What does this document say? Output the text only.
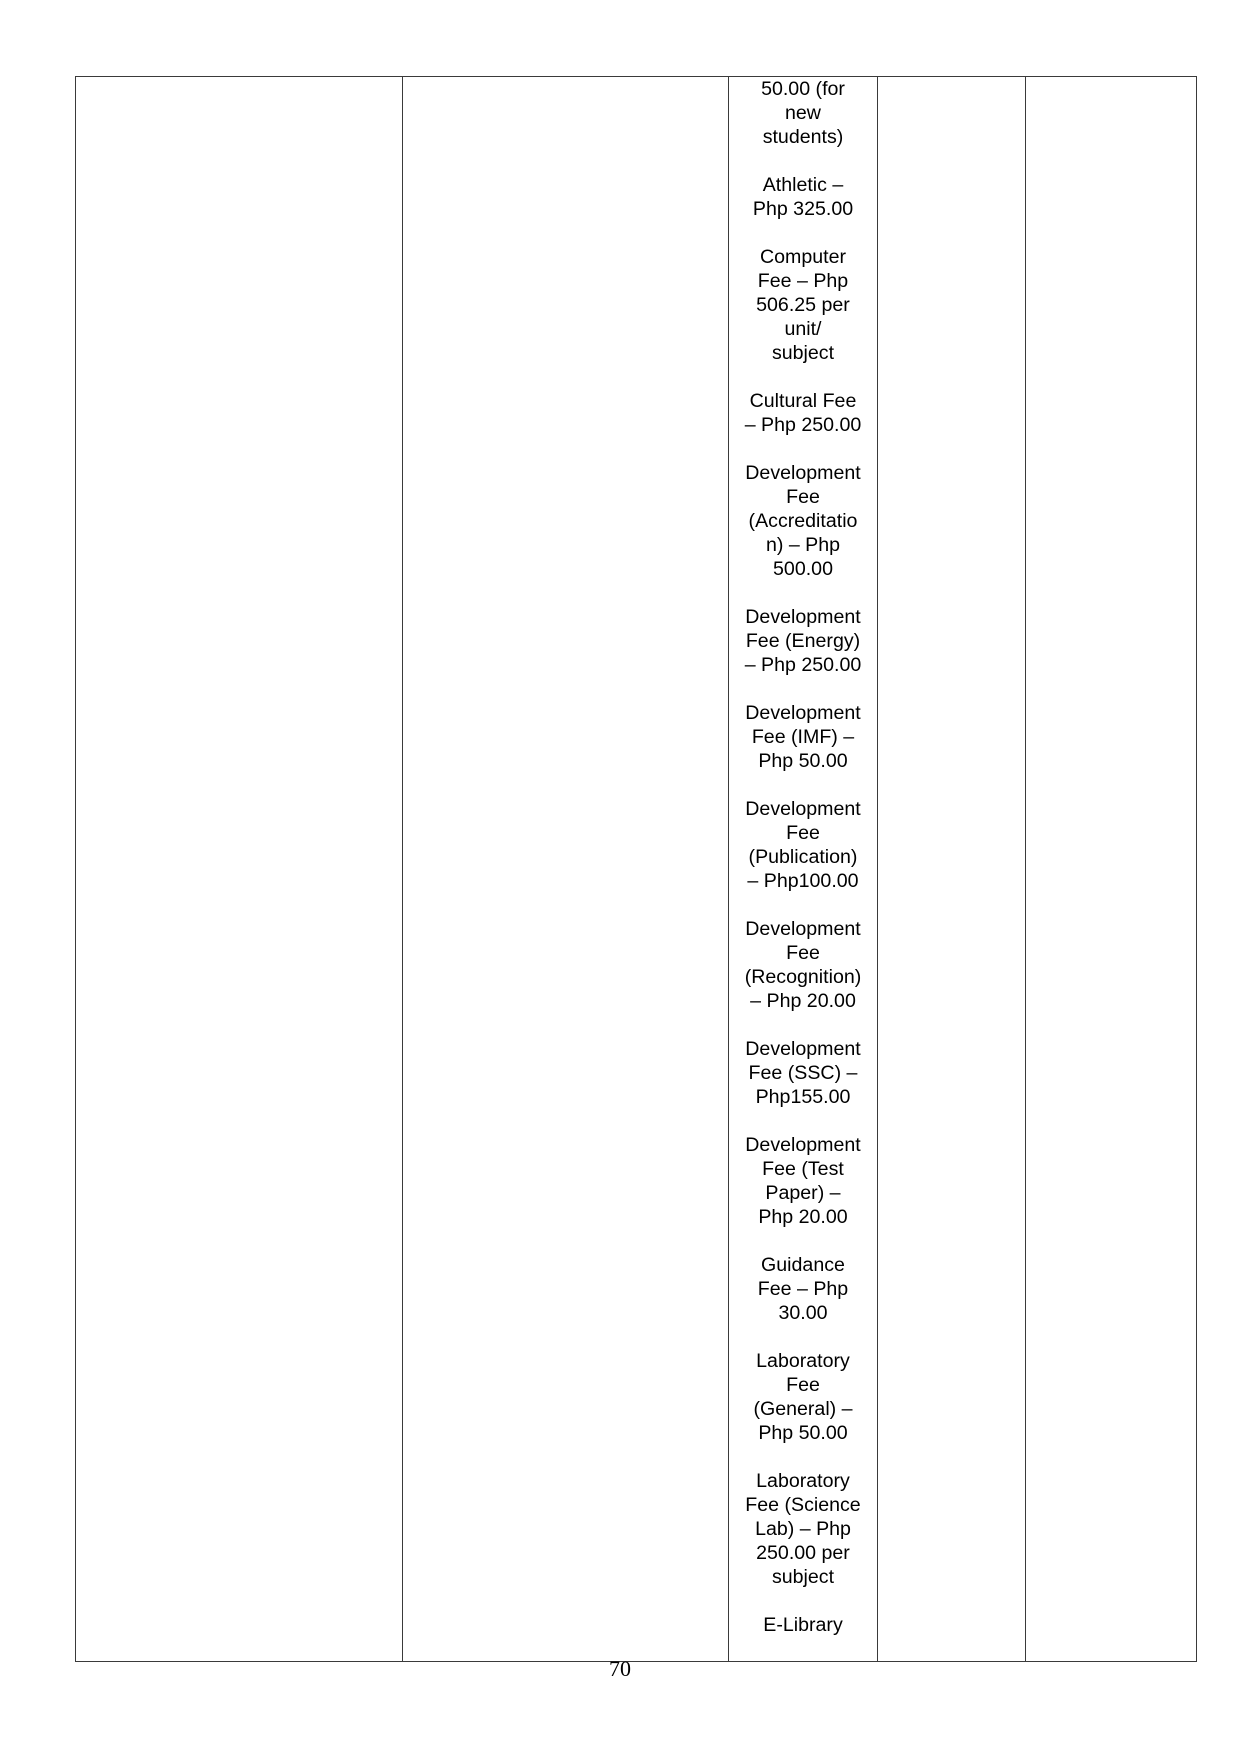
50.00 (for
new
students)
Athletic –
Php 325.00
Computer
Fee – Php
506.25 per
unit/
subject
Cultural Fee
– Php 250.00
Development
Fee
(Accreditatio
n) – Php
500.00
Development
Fee (Energy)
– Php 250.00
Development
Fee (IMF) –
Php 50.00
Development
Fee
(Publication)
– Php100.00
Development
Fee
(Recognition)
– Php 20.00
Development
Fee (SSC) –
Php155.00
Development
Fee (Test
Paper) –
Php 20.00
Guidance
Fee – Php
30.00
Laboratory
Fee
(General) –
Php 50.00
Laboratory
Fee (Science
Lab) – Php
250.00 per
subject
E-Library

70
